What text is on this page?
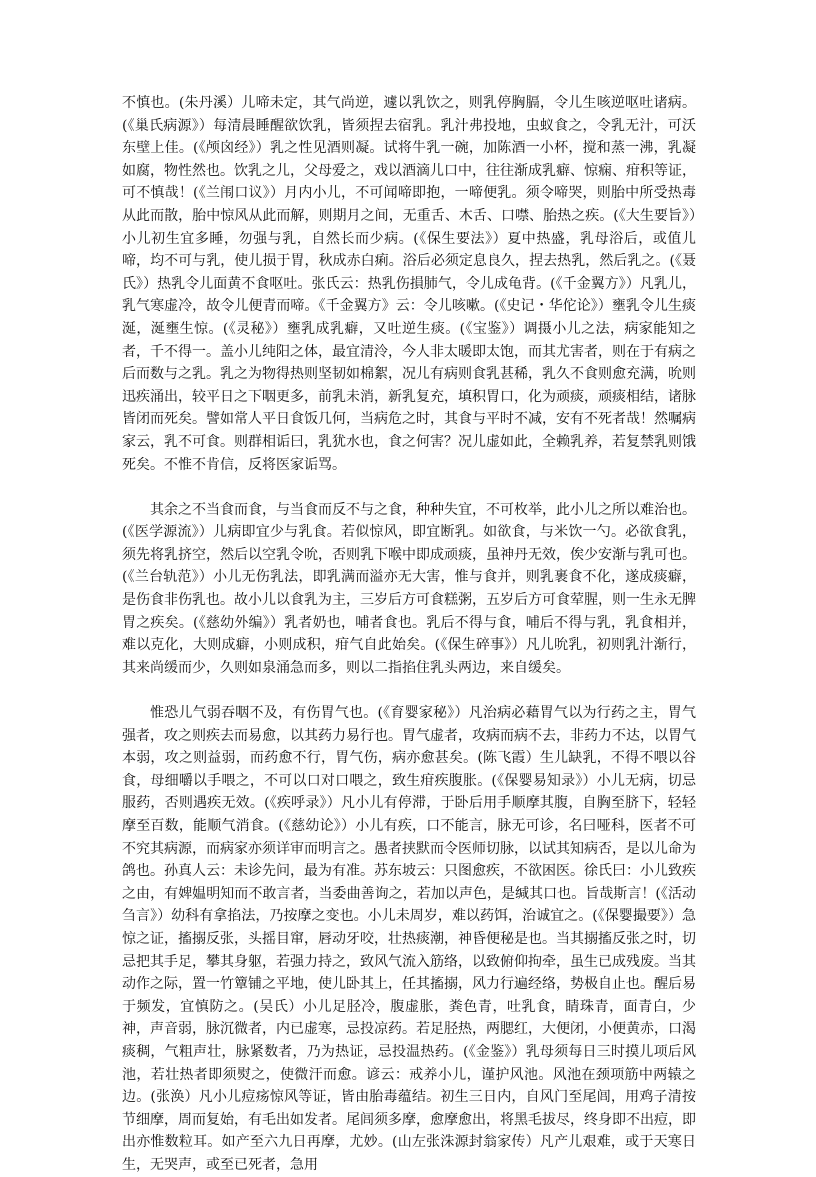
不慎也。(朱丹溪）儿啼未定，其气尚逆，遽以乳饮之，则乳停胸膈，令儿生咳逆呕吐诸病。(《巢氏病源》）每清晨睡醒欲饮乳，皆须捏去宿乳。乳汁弗投地，虫蚁食之，令乳无汁，可沃东壁上佳。(《颅囟经》）乳之性见酒则凝。试将牛乳一碗，加陈酒一小杯，搅和蒸一沸，乳凝如腐，物性然也。饮乳之儿，父母爱之，戏以酒滴儿口中，往往渐成乳癖、惊痫、疳积等证，可不慎哉！(《兰闱口议》）月内小儿，不可闻啼即抱，一啼便乳。须令啼哭，则胎中所受热毒从此而散，胎中惊风从此而解，则期月之间，无重舌、木舌、口噤、胎热之疾。(《大生要旨》）小儿初生宜多睡，勿强与乳，自然长而少病。(《保生要法》）夏中热盛，乳母浴后，或值儿啼，均不可与乳，使儿损于胃，秋成赤白痢。浴后必须定息良久，捏去热乳，然后乳之。(《聂氏》）热乳令儿面黄不食呕吐。张氏云：热乳伤損肺气，令儿成龟背。(《千金翼方》）凡乳儿，乳气寒虚冷，故令儿便青而啼。《千金翼方》云：令儿咳嗽。(《史记・华佗论》）壅乳令儿生痰涎，涎壅生惊。(《灵秘》）壅乳成乳癖，又吐逆生痰。(《宝鉴》）调摄小儿之法，病家能知之者，千不得一。盖小儿纯阳之体，最宜清泠，今人非太暖即太饱，而其尤害者，则在于有病之后而数与之乳。乳之为物得热则坚韧如棉絮，况儿有病则食乳甚稀，乳久不食则愈充满，吮则迅疾涌出，较平日之下咽更多，前乳未消，新乳复充，填积胃口，化为顽痰，顽痰相结，诸脉皆闭而死矣。譬如常人平日食饭几何，当病危之时，其食与平时不减，安有不死者哉！然嘱病家云，乳不可食。则群相诟曰，乳犹水也，食之何害？况儿虚如此，全赖乳养，若复禁乳则饿死矣。不惟不肯信，反将医家诟骂。

其余之不当食而食，与当食而反不与之食，种种失宜，不可枚举，此小儿之所以难治也。(《医学源流》）儿病即宜少与乳食。若似惊风，即宜断乳。如欲食，与米饮一勺。必欲食乳，须先将乳挤空，然后以空乳令吮，否则乳下喉中即成顽痰，虽神丹无效，俟少安渐与乳可也。(《兰台轨范》）小儿无伤乳法，即乳满而溢亦无大害，惟与食并，则乳裹食不化，遂成痰癖，是伤食非伤乳也。故小儿以食乳为主，三岁后方可食糕粥，五岁后方可食荤腥，则一生永无脾胃之疾矣。(《慈幼外编》）乳者奶也，哺者食也。乳后不得与食，哺后不得与乳，乳食相并，难以克化，大则成癖，小则成积，疳气自此始矣。(《保生碎事》）凡儿吮乳，初则乳汁渐行，其来尚缓而少，久则如泉涌急而多，则以二指掐住乳头两边，来自缓矣。

惟恐儿气弱吞咽不及，有伤胃气也。(《育婴家秘》）凡治病必藉胃气以为行药之主，胃气强者，攻之则疾去而易愈，以其药力易行也。胃气虚者，攻病而病不去，非药力不达，以胃气本弱，攻之则益弱，而药愈不行，胃气伤，病亦愈甚矣。(陈飞霞）生儿缺乳，不得不喂以谷食，母细嚼以手喂之，不可以口对口喂之，致生疳疾腹胀。(《保婴易知录》）小儿无病，切忌服药，否则遇疾无效。(《疾呼录》）凡小儿有停滞，于卧后用手顺摩其腹，自胸至脐下，轻轻摩至百数，能顺气消食。(《慈幼论》）小儿有疾，口不能言，脉无可诊，名曰哑科，医者不可不究其病源，而病家亦须详审而明言之。愚者挟默而令医师切脉，以试其知病否，是以儿命为鸽也。孙真人云：未诊先问，最为有准。苏东坡云：只图愈疾，不欲困医。徐氏曰：小儿致疾之由，有婢媪明知而不敢言者，当委曲善询之，若加以声色，是缄其口也。旨哉斯言！(《活动刍言》）幼科有拿掐法，乃按摩之变也。小儿未周岁，难以药饵，治诚宜之。(《保婴撮要》）急惊之证，搐搦反张，头摇目窜，唇动牙咬，壮热痰潮，神昏便秘是也。当其搦搐反张之时，切忌把其手足，攀其身躯，若强力持之，致风气流入筋络，以致俯仰拘牵，虽生已成残废。当其动作之际，置一竹簟铺之平地，使儿卧其上，任其搐搦，风力行遍经络，势极自止也。醒后易于频发，宜慎防之。(吴氏）小儿足胫冷，腹虚胀，粪色青，吐乳食，睛珠青，面青白，少神，声音弱，脉沉微者，内已虚寒，忌投凉药。若足胫热，两腮红，大便闭，小便黄赤，口渴痰稠，气粗声壮，脉紧数者，乃为热证，忌投温热药。(《金鉴》）乳母须每日三时摸儿项后风池，若壮热者即须熨之，使微汗而愈。谚云：戒养小儿，谨护风池。风池在颈项筋中两辕之边。(张涣）凡小儿痘疡惊风等证，皆由胎毒蕴结。初生三日内，自风门至尾闾，用鸡子清按节细摩，周而复始，有毛出如发者。尾闾须多摩，愈摩愈出，将黑毛拔尽，终身即不出痘，即出亦惟数粒耳。如产至六九日再摩，尤妙。(山左张洙源封翁家传）凡产儿艰难，或于天寒日生，无哭声，或至已死者，急用
